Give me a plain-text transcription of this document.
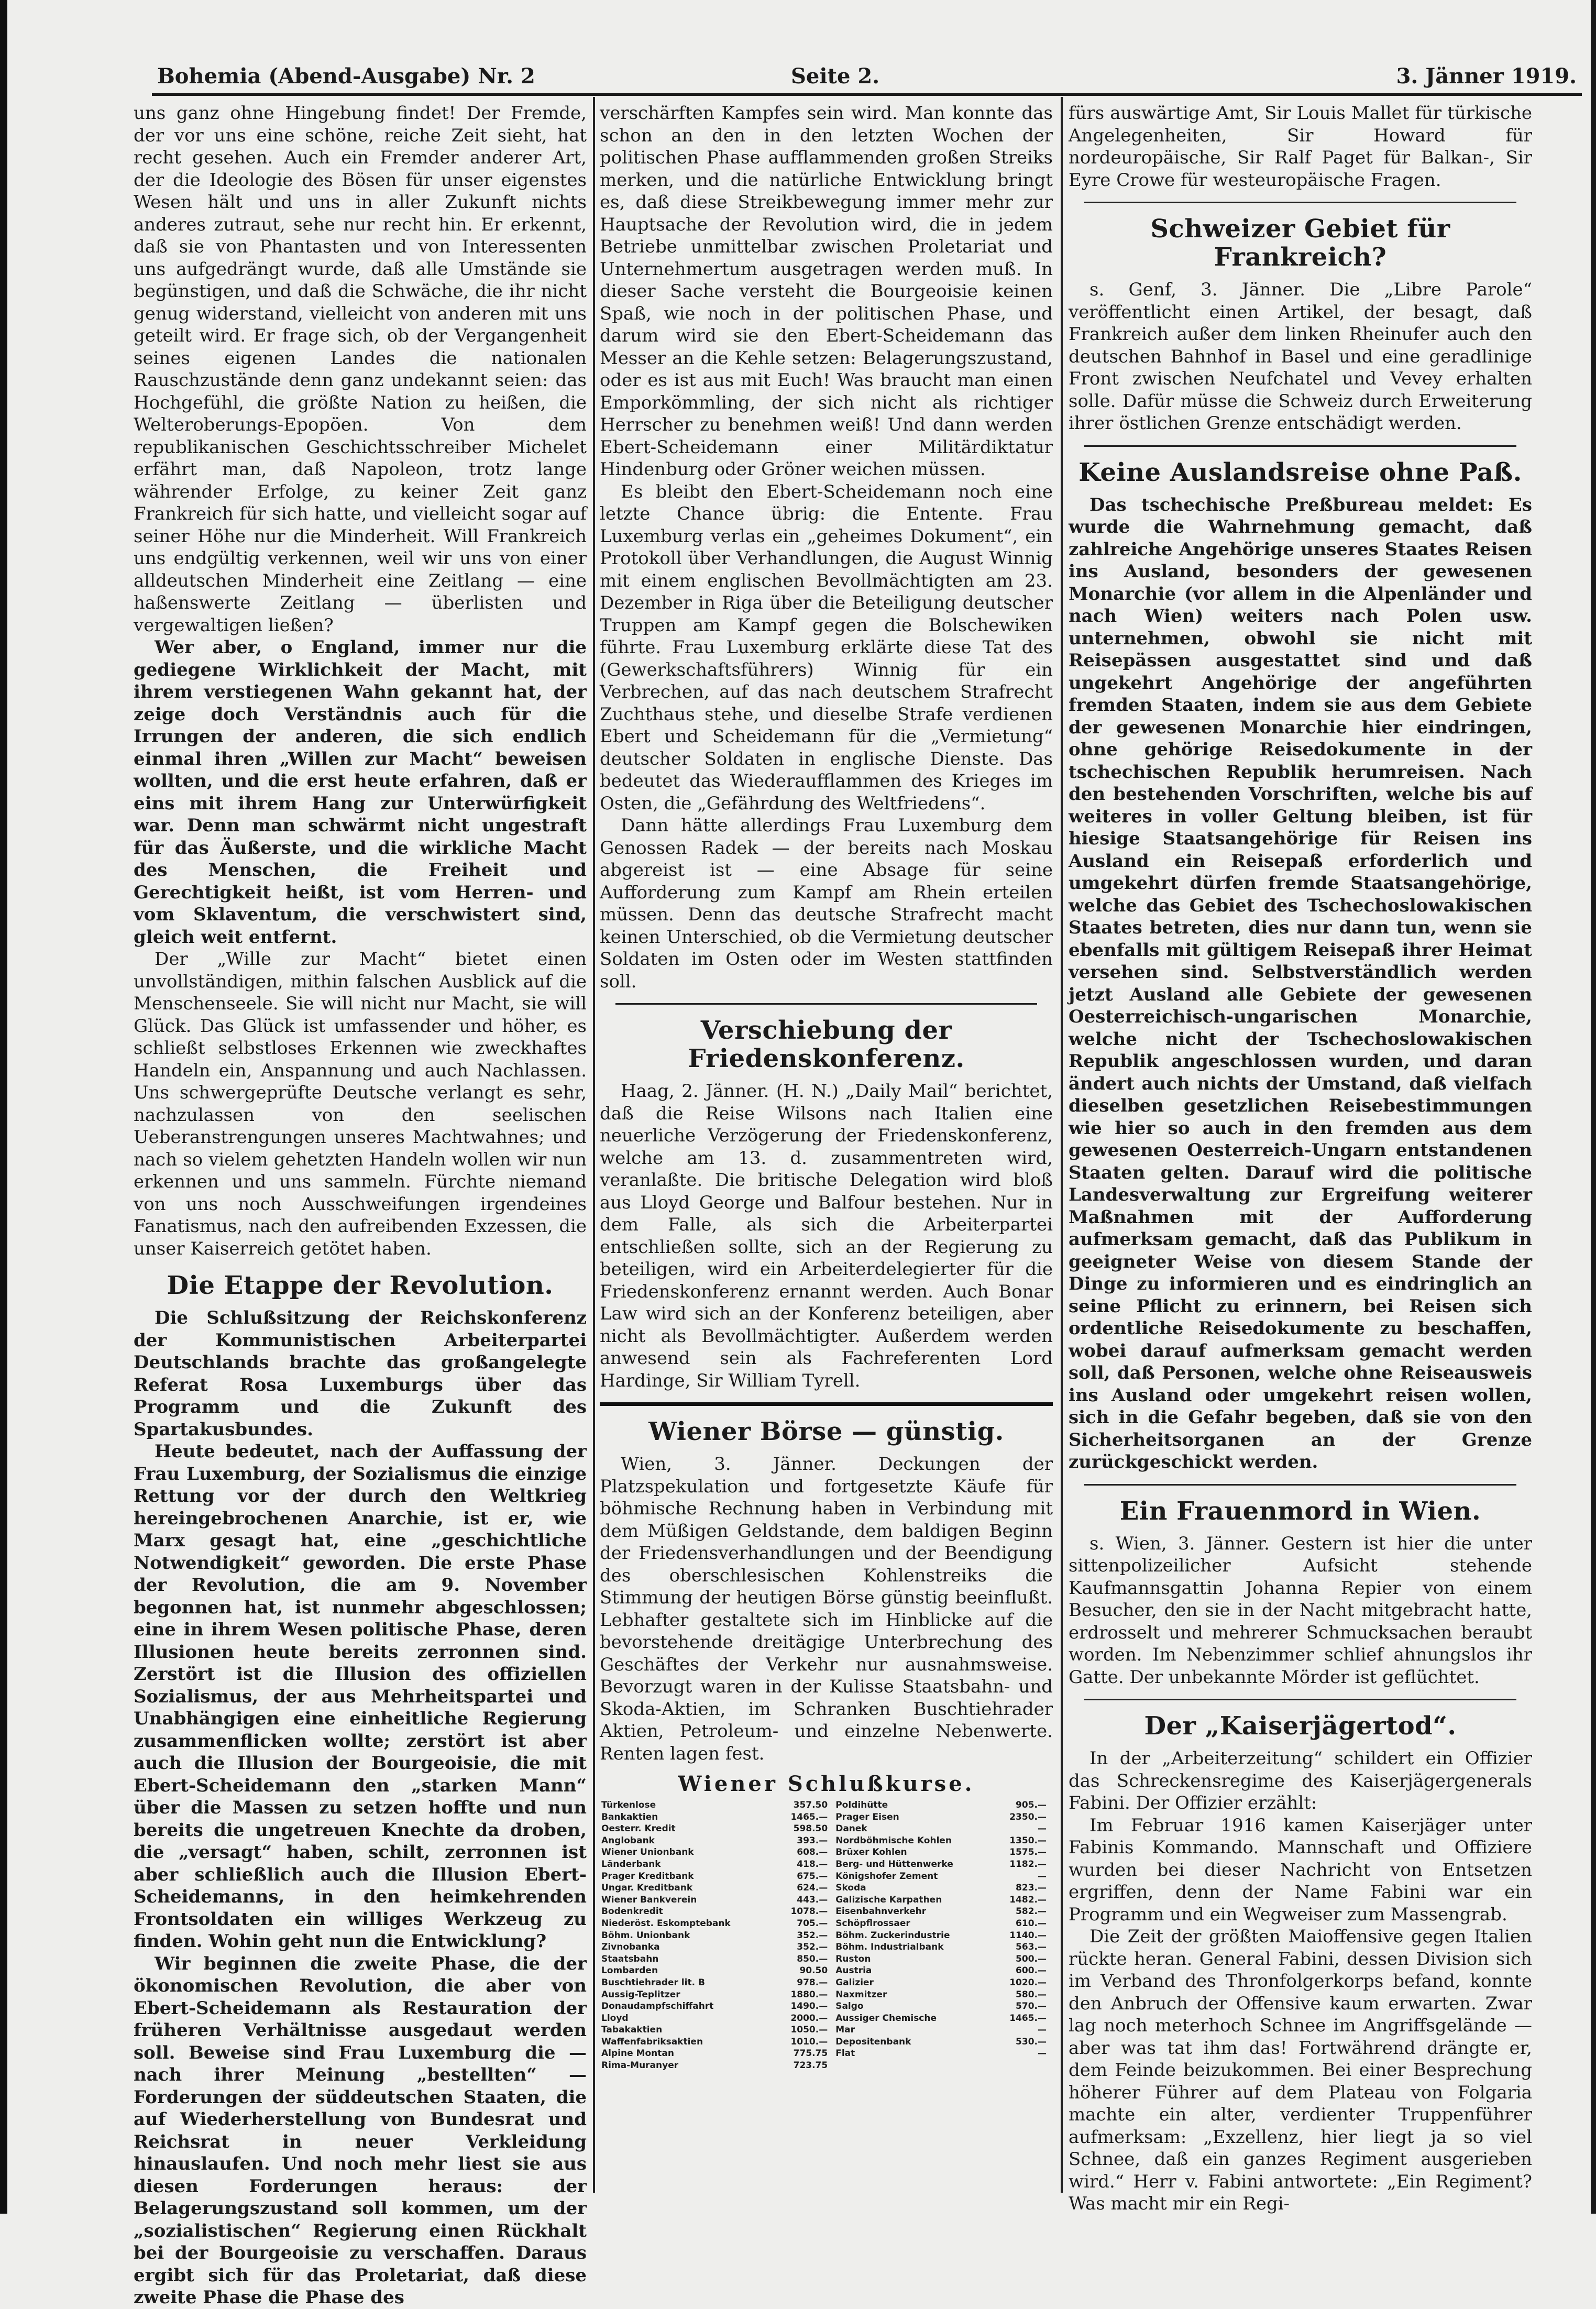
Bohemia (Abend-Ausgabe) Nr. 2	Seite 2.	3. Jänner 1919.

uns ganz ohne Hingebung findet! Der Fremde, der vor uns eine schöne, reiche Zeit sieht, hat recht gesehen. Auch ein Fremder anderer Art, der die Ideologie des Bösen für unser eigenstes Wesen hält und uns in aller Zukunft nichts anderes zutraut, sehe nur recht hin. Er erkennt, daß sie von Phantasten und von Interessenten uns aufgedrängt wurde, daß alle Umstände sie begünstigen, und daß die Schwäche, die ihr nicht genug widerstand, vielleicht von anderen mit uns geteilt wird. Er frage sich, ob der Vergangenheit seines eigenen Landes die nationalen Rauschzustände denn ganz undekannt seien: das Hochgefühl, die größte Nation zu heißen, die Welteroberungs-Epopöen. Von dem republikanischen Geschichtsschreiber Michelet erfährt man, daß Napoleon, trotz lange währender Erfolge, zu keiner Zeit ganz Frankreich für sich hatte, und vielleicht sogar auf seiner Höhe nur die Minderheit. Will Frankreich uns endgültig verkennen, weil wir uns von einer alldeutschen Minderheit eine Zeitlang — eine haßenswerte Zeitlang — überlisten und vergewaltigen ließen?

Wer aber, o England, immer nur die gediegene Wirklichkeit der Macht, mit ihrem verstiegenen Wahn gekannt hat, der zeige doch Verständnis auch für die Irrungen der anderen, die sich endlich einmal ihren „Willen zur Macht“ beweisen wollten, und die erst heute erfahren, daß er eins mit ihrem Hang zur Unterwürfigkeit war. Denn man schwärmt nicht ungestraft für das Äußerste, und die wirkliche Macht des Menschen, die Freiheit und Gerechtigkeit heißt, ist vom Herren- und vom Sklaventum, die verschwistert sind, gleich weit entfernt.

Der „Wille zur Macht“ bietet einen unvollständigen, mithin falschen Ausblick auf die Menschenseele. Sie will nicht nur Macht, sie will Glück. Das Glück ist umfassender und höher, es schließt selbstloses Erkennen wie zweckhaftes Handeln ein, Anspannung und auch Nachlassen. Uns schwergeprüfte Deutsche verlangt es sehr, nachzulassen von den seelischen Ueberanstrengungen unseres Machtwahnes; und nach so vielem gehetzten Handeln wollen wir nun erkennen und uns sammeln. Fürchte niemand von uns noch Ausschweifungen irgendeines Fanatismus, nach den aufreibenden Exzessen, die unser Kaiserreich getötet haben.

Die Etappe der Revolution.

Die Schlußsitzung der Reichskonferenz der Kommunistischen Arbeiterpartei Deutschlands brachte das großangelegte Referat Rosa Luxemburgs über das Programm und die Zukunft des Spartakusbundes.

Heute bedeutet, nach der Auffassung der Frau Luxemburg, der Sozialismus die einzige Rettung vor der durch den Weltkrieg hereingebrochenen Anarchie, ist er, wie Marx gesagt hat, eine „geschichtliche Notwendigkeit“ geworden. Die erste Phase der Revolution, die am 9. November begonnen hat, ist nunmehr abgeschlossen; eine in ihrem Wesen politische Phase, deren Illusionen heute bereits zerronnen sind. Zerstört ist die Illusion des offiziellen Sozialismus, der aus Mehrheitspartei und Unabhängigen eine einheitliche Regierung zusammenflicken wollte; zerstört ist aber auch die Illusion der Bourgeoisie, die mit Ebert-Scheidemann den „starken Mann“ über die Massen zu setzen hoffte und nun bereits die ungetreuen Knechte da droben, die „versagt“ haben, schilt, zerronnen ist aber schließlich auch die Illusion Ebert-Scheidemanns, in den heimkehrenden Frontsoldaten ein williges Werkzeug zu finden. Wohin geht nun die Entwicklung?

Wir beginnen die zweite Phase, die der ökonomischen Revolution, die aber von Ebert-Scheidemann als Restauration der früheren Verhältnisse ausgedaut werden soll. Beweise sind Frau Luxemburg die — nach ihrer Meinung „bestellten“ — Forderungen der süddeutschen Staaten, die auf Wiederherstellung von Bundesrat und Reichsrat in neuer Verkleidung hinauslaufen. Und noch mehr liest sie aus diesen Forderungen heraus: der Belagerungszustand soll kommen, um der „sozialistischen“ Regierung einen Rückhalt bei der Bourgeoisie zu verschaffen. Daraus ergibt sich für das Proletariat, daß diese zweite Phase die Phase des

verschärften Kampfes sein wird. Man konnte das schon an den in den letzten Wochen der politischen Phase aufflammenden großen Streiks merken, und die natürliche Entwicklung bringt es, daß diese Streikbewegung immer mehr zur Hauptsache der Revolution wird, die in jedem Betriebe unmittelbar zwischen Proletariat und Unternehmertum ausgetragen werden muß. In dieser Sache versteht die Bourgeoisie keinen Spaß, wie noch in der politischen Phase, und darum wird sie den Ebert-Scheidemann das Messer an die Kehle setzen: Belagerungszustand, oder es ist aus mit Euch! Was braucht man einen Emporkömmling, der sich nicht als richtiger Herrscher zu benehmen weiß! Und dann werden Ebert-Scheidemann einer Militärdiktatur Hindenburg oder Gröner weichen müssen.

Es bleibt den Ebert-Scheidemann noch eine letzte Chance übrig: die Entente. Frau Luxemburg verlas ein „geheimes Dokument“, ein Protokoll über Verhandlungen, die August Winnig mit einem englischen Bevollmächtigten am 23. Dezember in Riga über die Beteiligung deutscher Truppen am Kampf gegen die Bolschewiken führte. Frau Luxemburg erklärte diese Tat des (Gewerkschaftsführers) Winnig für ein Verbrechen, auf das nach deutschem Strafrecht Zuchthaus stehe, und dieselbe Strafe verdienen Ebert und Scheidemann für die „Vermietung“ deutscher Soldaten in englische Dienste. Das bedeutet das Wiederaufflammen des Krieges im Osten, die „Gefährdung des Weltfriedens“.

Dann hätte allerdings Frau Luxemburg dem Genossen Radek — der bereits nach Moskau abgereist ist — eine Absage für seine Aufforderung zum Kampf am Rhein erteilen müssen. Denn das deutsche Strafrecht macht keinen Unterschied, ob die Vermietung deutscher Soldaten im Osten oder im Westen stattfinden soll.

Verschiebung der Friedenskonferenz.

Haag, 2. Jänner. (H. N.) „Daily Mail“ berichtet, daß die Reise Wilsons nach Italien eine neuerliche Verzögerung der Friedenskonferenz, welche am 13. d. zusammentreten wird, veranlaßte. Die britische Delegation wird bloß aus Lloyd George und Balfour bestehen. Nur in dem Falle, als sich die Arbeiterpartei entschließen sollte, sich an der Regierung zu beteiligen, wird ein Arbeiterdelegierter für die Friedenskonferenz ernannt werden. Auch Bonar Law wird sich an der Konferenz beteiligen, aber nicht als Bevollmächtigter. Außerdem werden anwesend sein als Fachreferenten Lord Hardinge, Sir William Tyrell.

Wiener Börse — günstig.

Wien, 3. Jänner. Deckungen der Platzspekulation und fortgesetzte Käufe für böhmische Rechnung haben in Verbindung mit dem Müßigen Geldstande, dem baldigen Beginn der Friedensverhandlungen und der Beendigung des oberschlesischen Kohlenstreiks die Stimmung der heutigen Börse günstig beeinflußt. Lebhafter gestaltete sich im Hinblicke auf die bevorstehende dreitägige Unterbrechung des Geschäftes der Verkehr nur ausnahmsweise. Bevorzugt waren in der Kulisse Staatsbahn- und Skoda-Aktien, im Schranken Buschtiehrader Aktien, Petroleum- und einzelne Nebenwerte. Renten lagen fest.

Wiener Schlußkurse.
Türkenlose	357.50	Poldihütte	905.—
Bankaktien	1465.—	Prager Eisen	2350.—
Oesterr. Kredit	598.50	Danek	—
Anglobank	393.—	Nordböhmische Kohlen	1350.—
Wiener Unionbank	608.—	Brüxer Kohlen	1575.—
Länderbank	418.—	Berg- und Hüttenwerke	1182.—
Prager Kreditbank	675.—	Königshofer Zement	—
Ungar. Kreditbank	624.—	Skoda	823.—
Wiener Bankverein	443.—	Galizische Karpathen	1482.—
Bodenkredit	1078.—	Eisenbahnverkehr	582.—
Niederöst. Eskomptebank	705.—	Schöpflrossaer	610.—
Böhm. Unionbank	352.—	Böhm. Zuckerindustrie	1140.—
Zivnobanka	352.—	Böhm. Industrialbank	563.—
Staatsbahn	850.—	Ruston	500.—
Lombarden	90.50	Austria	600.—
Buschtiehrader lit. B	978.—	Galizier	1020.—
Aussig-Teplitzer	1880.—	Naxmitzer	580.—
Donaudampfschiffahrt	1490.—	Salgo	570.—
Lloyd	2000.—	Aussiger Chemische	1465.—
Tabakaktien	1050.—	Mar	—
Waffenfabriksaktien	1010.—	Depositenbank	530.—
Alpine Montan	775.75	Flat	—
Rima-Muranyer	723.75		

fürs auswärtige Amt, Sir Louis Mallet für türkische Angelegenheiten, Sir Howard für nordeuropäische, Sir Ralf Paget für Balkan-, Sir Eyre Crowe für westeuropäische Fragen.

Schweizer Gebiet für Frankreich?

s. Genf, 3. Jänner. Die „Libre Parole“ veröffentlicht einen Artikel, der besagt, daß Frankreich außer dem linken Rheinufer auch den deutschen Bahnhof in Basel und eine geradlinige Front zwischen Neufchatel und Vevey erhalten solle. Dafür müsse die Schweiz durch Erweiterung ihrer östlichen Grenze entschädigt werden.

Keine Auslandsreise ohne Paß.

Das tschechische Preßbureau meldet: Es wurde die Wahrnehmung gemacht, daß zahlreiche Angehörige unseres Staates Reisen ins Ausland, besonders der gewesenen Monarchie (vor allem in die Alpenländer und nach Wien) weiters nach Polen usw. unternehmen, obwohl sie nicht mit Reisepässen ausgestattet sind und daß ungekehrt Angehörige der angeführten fremden Staaten, indem sie aus dem Gebiete der gewesenen Monarchie hier eindringen, ohne gehörige Reisedokumente in der tschechischen Republik herumreisen. Nach den bestehenden Vorschriften, welche bis auf weiteres in voller Geltung bleiben, ist für hiesige Staatsangehörige für Reisen ins Ausland ein Reisepaß erforderlich und umgekehrt dürfen fremde Staatsangehörige, welche das Gebiet des Tschechoslowakischen Staates betreten, dies nur dann tun, wenn sie ebenfalls mit gültigem Reisepaß ihrer Heimat versehen sind. Selbstverständlich werden jetzt Ausland alle Gebiete der gewesenen Oesterreichisch-ungarischen Monarchie, welche nicht der Tschechoslowakischen Republik angeschlossen wurden, und daran ändert auch nichts der Umstand, daß vielfach dieselben gesetzlichen Reisebestimmungen wie hier so auch in den fremden aus dem gewesenen Oesterreich-Ungarn entstandenen Staaten gelten. Darauf wird die politische Landesverwaltung zur Ergreifung weiterer Maßnahmen mit der Aufforderung aufmerksam gemacht, daß das Publikum in geeigneter Weise von diesem Stande der Dinge zu informieren und es eindringlich an seine Pflicht zu erinnern, bei Reisen sich ordentliche Reisedokumente zu beschaffen, wobei darauf aufmerksam gemacht werden soll, daß Personen, welche ohne Reiseausweis ins Ausland oder umgekehrt reisen wollen, sich in die Gefahr begeben, daß sie von den Sicherheitsorganen an der Grenze zurückgeschickt werden.

Ein Frauenmord in Wien.

s. Wien, 3. Jänner. Gestern ist hier die unter sittenpolizeilicher Aufsicht stehende Kaufmannsgattin Johanna Repier von einem Besucher, den sie in der Nacht mitgebracht hatte, erdrosselt und mehrerer Schmucksachen beraubt worden. Im Nebenzimmer schlief ahnungslos ihr Gatte. Der unbekannte Mörder ist geflüchtet.

Der „Kaiserjägertod“.

In der „Arbeiterzeitung“ schildert ein Offizier das Schreckensregime des Kaiserjägergenerals Fabini. Der Offizier erzählt:

Im Februar 1916 kamen Kaiserjäger unter Fabinis Kommando. Mannschaft und Offiziere wurden bei dieser Nachricht von Entsetzen ergriffen, denn der Name Fabini war ein Programm und ein Wegweiser zum Massengrab.

Die Zeit der größten Maioffensive gegen Italien rückte heran. General Fabini, dessen Division sich im Verband des Thronfolgerkorps befand, konnte den Anbruch der Offensive kaum erwarten. Zwar lag noch meterhoch Schnee im Angriffsgelände — aber was tat ihm das! Fortwährend drängte er, dem Feinde beizukommen. Bei einer Besprechung höherer Führer auf dem Plateau von Folgaria machte ein alter, verdienter Truppenführer aufmerksam: „Exzellenz, hier liegt ja so viel Schnee, daß ein ganzes Regiment ausgerieben wird.“ Herr v. Fabini antwortete: „Ein Regiment? Was macht mir ein Regi-
